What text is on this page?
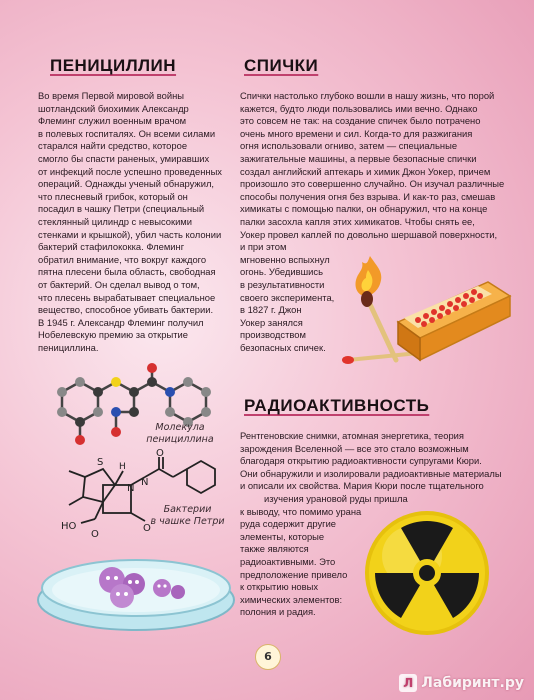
ПЕНИЦИЛЛИН
Во время Первой мировой войны
шотландский биохимик Александр
Флеминг служил военным врачом
в полевых госпиталях. Он всеми силами
старался найти средство, которое
смогло бы спасти раненых, умиравших
от инфекций после успешно проведенных
операций. Однажды ученый обнаружил,
что плесневый грибок, который он
посадил в чашку Петри (специальный
стеклянный цилиндр с невысокими
стенками и крышкой), убил часть колонии
бактерий стафилококка. Флеминг
обратил внимание, что вокруг каждого
пятна плесени была область, свободная
от бактерий. Он сделал вывод о том,
что плесень вырабатывает специальное
вещество, способное убивать бактерии.
В 1945 г. Александр Флеминг получил
Нобелевскую премию за открытие
пенициллина.
Молекула
пенициллина
S H
N
N
O
O
HO
O
Бактерии
в чашке Петри
СПИЧКИ
Спички настолько глубоко вошли в нашу жизнь, что порой
кажется, будто люди пользовались ими вечно. Однако
это совсем не так: на создание спичек было потрачено
очень много времени и сил. Когда-то для разжигания
огня использовали огниво, затем — специальные
зажигательные машины, а первые безопасные спички
создал английский аптекарь и химик Джон Уокер, причем
произошло это совершенно случайно. Он изучал различные
способы получения огня без взрыва. И как-то раз, смешав
химикаты с помощью палки, он обнаружил, что на конце
палки засохла капля этих химикатов. Чтобы снять ее,
Уокер провел каплей по довольно шершавой поверхности,
и при этом
мгновенно вспыхнул
огонь. Убедившись
в результативности
своего эксперимента,
в 1827 г. Джон
Уокер занялся
производством
безопасных спичек.
РАДИОАКТИВНОСТЬ
Рентгеновские снимки, атомная энергетика, теория
зарождения Вселенной — все это стало возможным
благодаря открытию радиоактивности супругами Кюри.
Они обнаружили и изолировали радиоактивные материалы
и описали их свойства. Мария Кюри после тщательного
изучения урановой руды пришла
к выводу, что помимо урана
руда содержит другие
элементы, которые
также являются
радиоактивными. Это
предположение привело
к открытию новых
химических элементов:
полония и радия.
6
Л Лабиринт.ру
